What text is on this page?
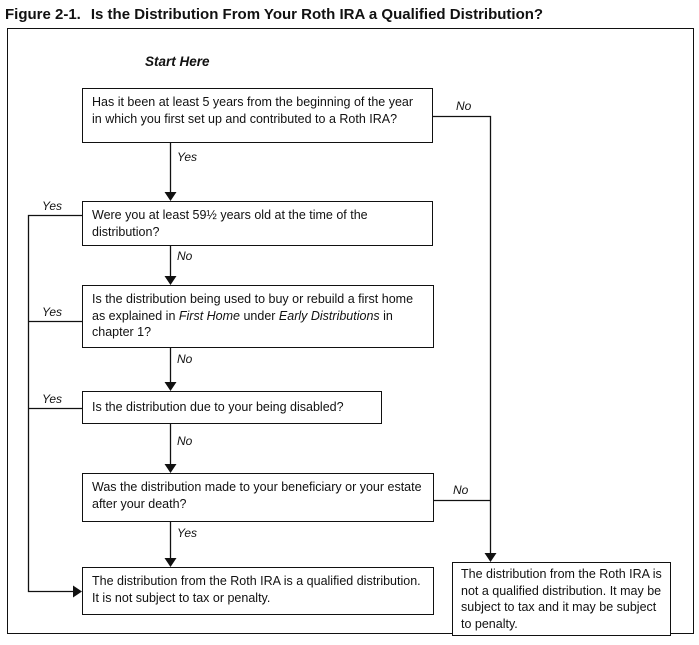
Figure 2-1. Is the Distribution From Your Roth IRA a Qualified Distribution?
Start Here
Has it been at least 5 years from the beginning of the year in which you first set up and contributed to a Roth IRA?
Were you at least 59½ years old at the time of the distribution?
Is the distribution being used to buy or rebuild a first home as explained in First Home under Early Distributions in chapter 1?
Is the distribution due to your being disabled?
Was the distribution made to your beneficiary or your estate after your death?
The distribution from the Roth IRA is a qualified distribution. It is not subject to tax or penalty.
The distribution from the Roth IRA is not a qualified distribution. It may be subject to tax and it may be subject to penalty.
Yes
No
Yes
No
Yes
No
Yes
No
Yes
No
